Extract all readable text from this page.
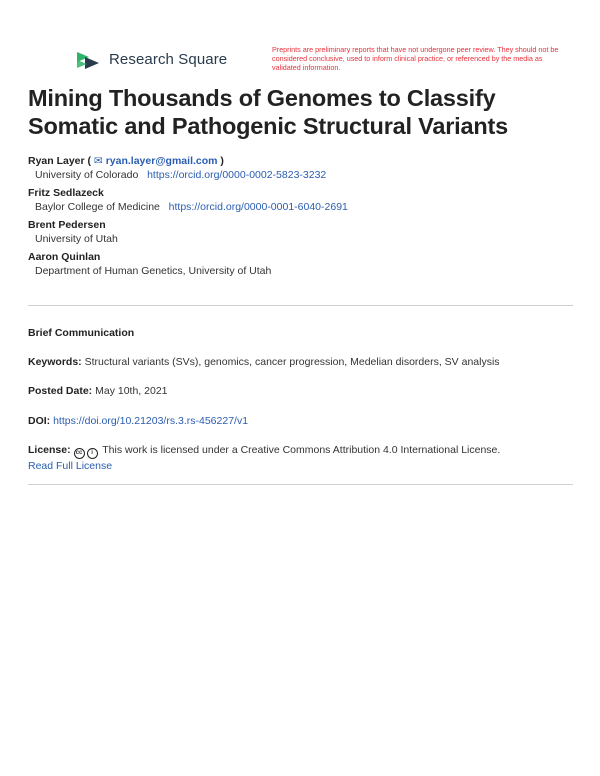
Research Square
Preprints are preliminary reports that have not undergone peer review. They should not be considered conclusive, used to inform clinical practice, or referenced by the media as validated information.
Mining Thousands of Genomes to Classify Somatic and Pathogenic Structural Variants
Ryan Layer ( ✉ ryan.layer@gmail.com )
University of Colorado https://orcid.org/0000-0002-5823-3232
Fritz Sedlazeck
Baylor College of Medicine https://orcid.org/0000-0001-6040-2691
Brent Pedersen
University of Utah
Aaron Quinlan
Department of Human Genetics, University of Utah
Brief Communication
Keywords: Structural variants (SVs), genomics, cancer progression, Medelian disorders, SV analysis
Posted Date: May 10th, 2021
DOI: https://doi.org/10.21203/rs.3.rs-456227/v1
License: cc i This work is licensed under a Creative Commons Attribution 4.0 International License.
Read Full License
